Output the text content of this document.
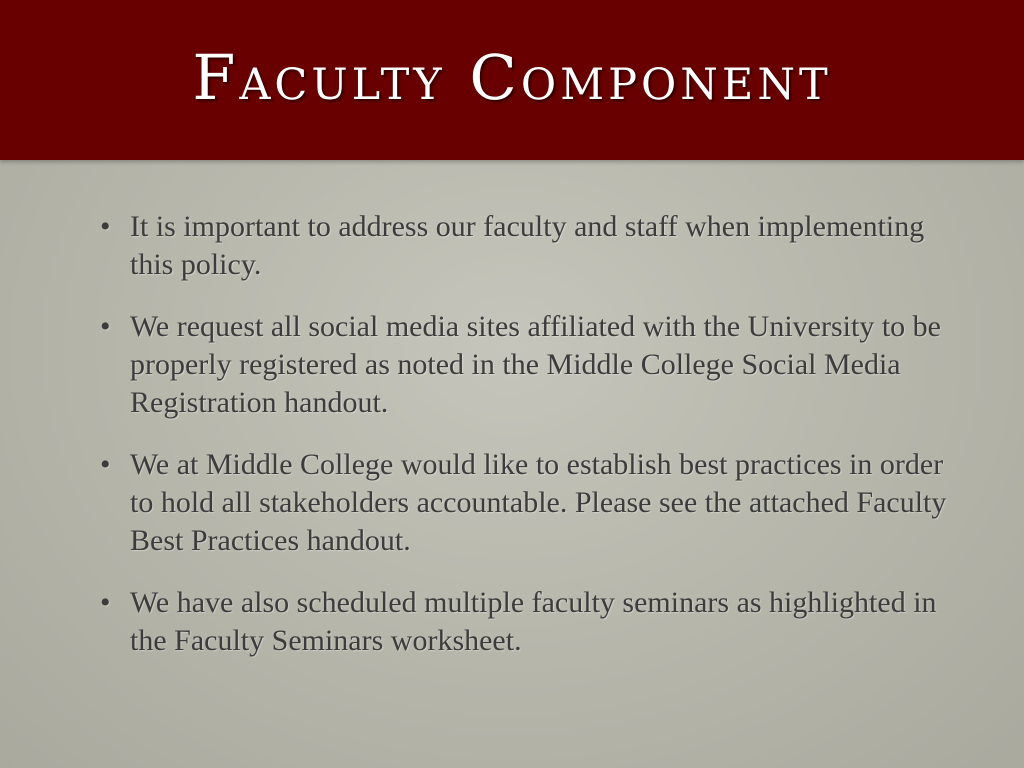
Faculty Component
• It is important to address our faculty and staff when implementing this policy.
• We request all social media sites affiliated with the University to be properly registered as noted in the Middle College Social Media Registration handout.
• We at Middle College would like to establish best practices in order to hold all stakeholders accountable. Please see the attached Faculty Best Practices handout.
• We have also scheduled multiple faculty seminars as highlighted in the Faculty Seminars worksheet.
